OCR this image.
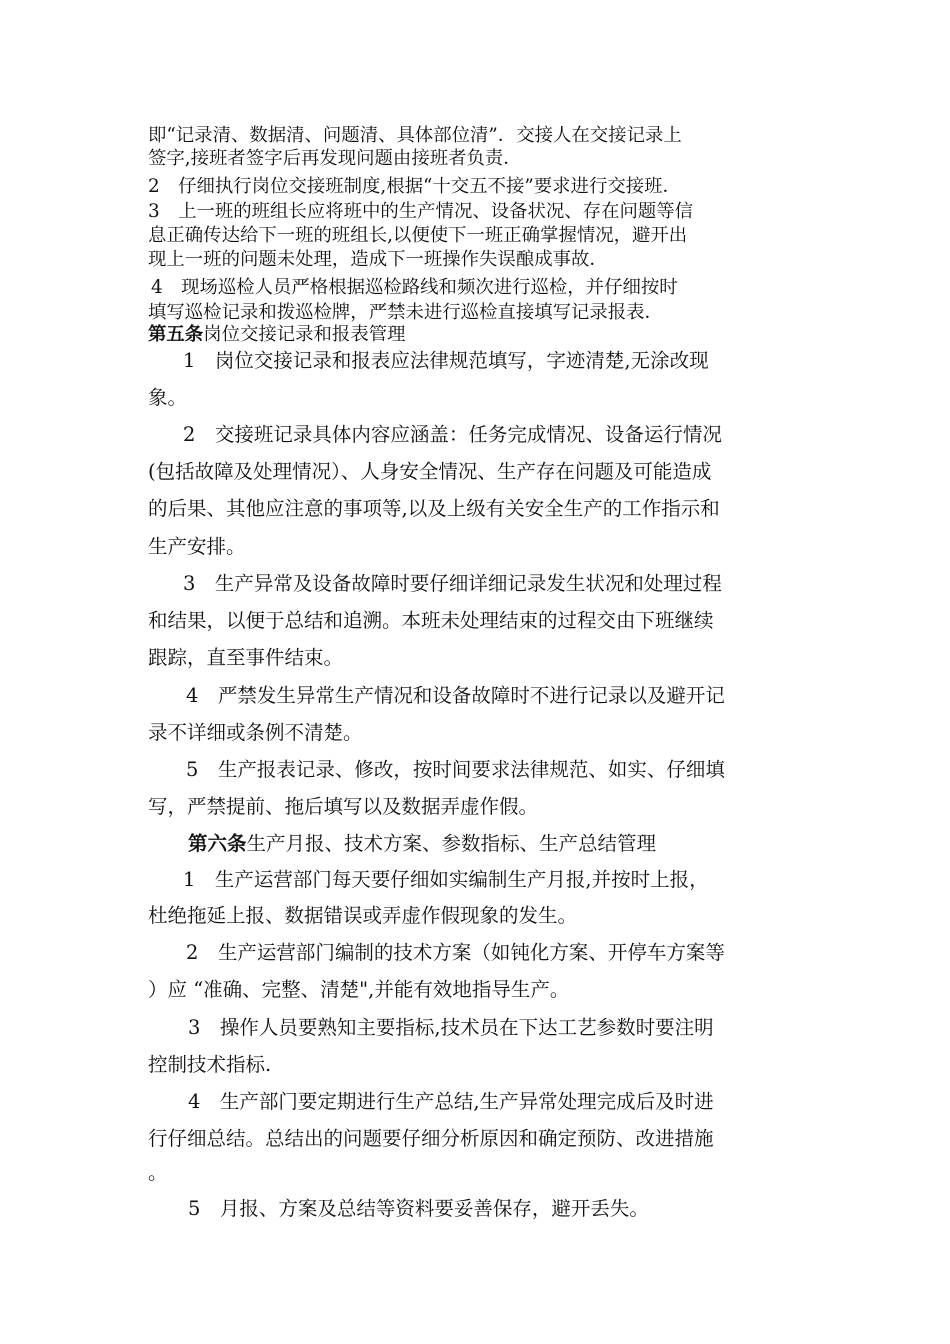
即“记录清、数据清、问题清、具体部位清”．交接人在交接记录上
签字,接班者签字后再发现问题由接班者负责．
2　仔细执行岗位交接班制度,根据“十交五不接”要求进行交接班．
3　上一班的班组长应将班中的生产情况、设备状况、存在问题等信
息正确传达给下一班的班组长,以便使下一班正确掌握情况，避开出
现上一班的问题未处理，造成下一班操作失误酿成事故．
4　现场巡检人员严格根据巡检路线和频次进行巡检，并仔细按时
填写巡检记录和拨巡检牌，严禁未进行巡检直接填写记录报表．
第五条岗位交接记录和报表管理
1　岗位交接记录和报表应法律规范填写，字迹清楚,无涂改现
象。
2　交接班记录具体内容应涵盖：任务完成情况、设备运行情况
(包括故障及处理情况）、人身安全情况、生产存在问题及可能造成
的后果、其他应注意的事项等,以及上级有关安全生产的工作指示和
生产安排。
3　生产异常及设备故障时要仔细详细记录发生状况和处理过程
和结果，以便于总结和追溯。本班未处理结束的过程交由下班继续
跟踪，直至事件结束。
4　严禁发生异常生产情况和设备故障时不进行记录以及避开记
录不详细或条例不清楚。
5　生产报表记录、修改，按时间要求法律规范、如实、仔细填
写，严禁提前、拖后填写以及数据弄虚作假。
第六条生产月报、技术方案、参数指标、生产总结管理
1　生产运营部门每天要仔细如实编制生产月报,并按时上报，
杜绝拖延上报、数据错误或弄虚作假现象的发生。
2　生产运营部门编制的技术方案（如钝化方案、开停车方案等
）应 “准确、完整、清楚",并能有效地指导生产。
3　操作人员要熟知主要指标,技术员在下达工艺参数时要注明
控制技术指标.
4　生产部门要定期进行生产总结,生产异常处理完成后及时进
行仔细总结。总结出的问题要仔细分析原因和确定预防、改进措施
。
5　月报、方案及总结等资料要妥善保存，避开丢失。
